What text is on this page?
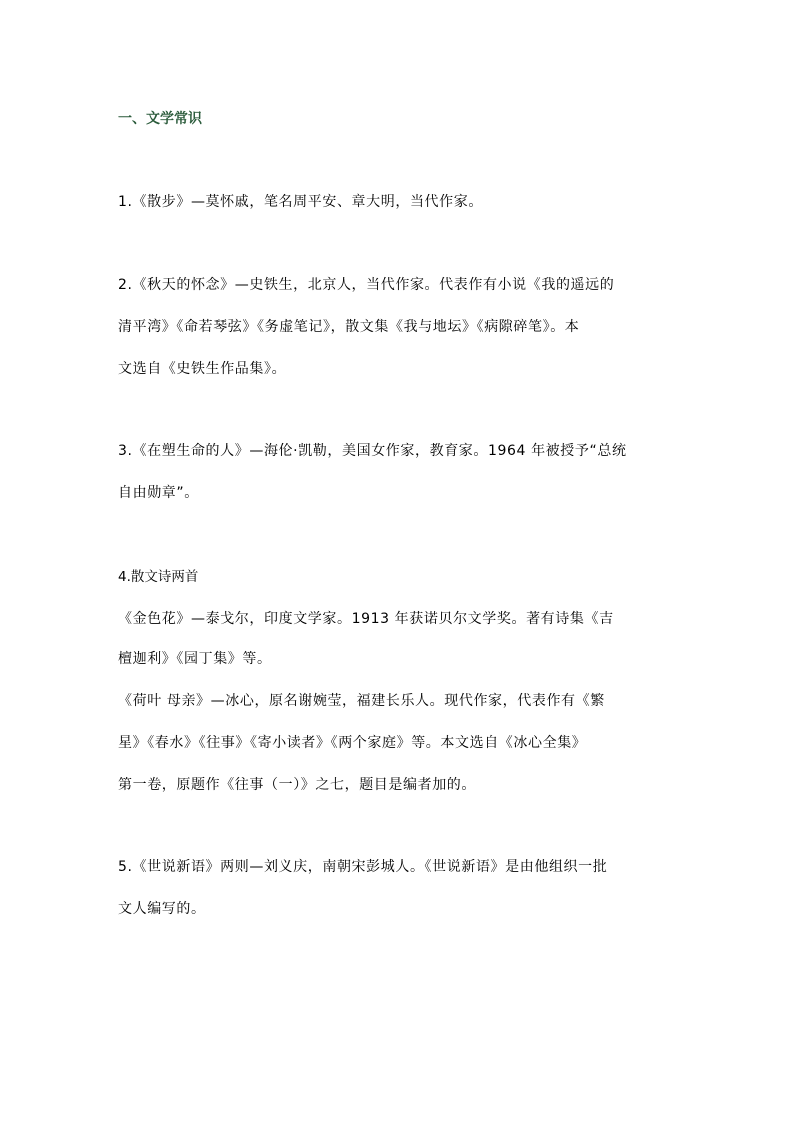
一、文学常识
1.《散步》—莫怀戚，笔名周平安、章大明，当代作家。
2.《秋天的怀念》—史铁生，北京人，当代作家。代表作有小说《我的遥远的
清平湾》《命若琴弦》《务虚笔记》，散文集《我与地坛》《病隙碎笔》。本
文选自《史铁生作品集》。
3.《在塑生命的人》—海伦·凯勒，美国女作家，教育家。1964 年被授予“总统
自由勋章”。
4.散文诗两首
《金色花》—泰戈尔，印度文学家。1913 年获诺贝尔文学奖。著有诗集《吉
檀迦利》《园丁集》等。
《荷叶 母亲》—冰心，原名谢婉莹，福建长乐人。现代作家，代表作有《繁
星》《春水》《往事》《寄小读者》《两个家庭》等。本文选自《冰心全集》
第一卷，原题作《往事（一）》之七，题目是编者加的。
5.《世说新语》两则—刘义庆，南朝宋彭城人。《世说新语》是由他组织一批
文人编写的。
